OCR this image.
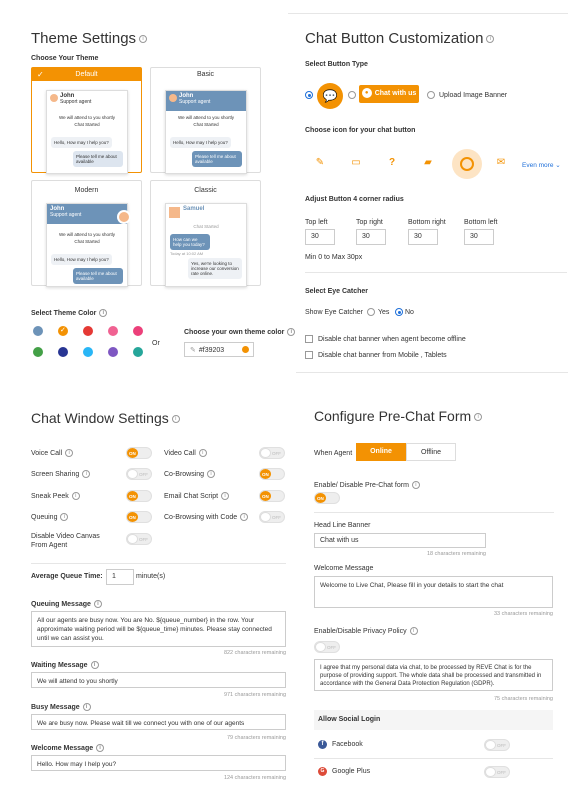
Theme Settings i
Choose Your Theme
✓	Default
John
Support agent
We will attend to you shortly
Chat Started
Hello, How may I help you?
Please tell me about available
Basic
John
Support agent
We will attend to you shortly
Chat Started
Hello, How may I help you?
Please tell me about available
Modern
John
Support agent
We will attend to you shortly
Chat Started
Hello, How may I help you?
Please tell me about available
Classic
Samuel
Chat Started
How can we help you today?
Today at 10:02 AM
Yes, we're looking to increase our conversion rate online.
Select Theme Color i
✓
Or
Choose your own theme color i
✎ #f39203
Chat Button Customization i
Select Button Type
💬	● Chat with us	Upload Image Banner
Choose icon for your chat button
✎	▭	?	▰	✉	Even more ⌄
Adjust Button 4 corner radius
Top left	Top right	Bottom right	Bottom left
30	30	30	30
Min 0 to Max 30px
Select Eye Catcher
Show Eye Catcher Yes No
Disable chat banner when agent become offline
Disable chat banner from Mobile , Tablets
Chat Window Settings i
Voice Call i	ON	Video Call i	OFF
Screen Sharing i	OFF Co-Browsing i	ON
Sneak Peek i	ON	Email Chat Script i	ON
Queuing i	ON	Co-Browsing with Code i	OFF
Disable Video Canvas From Agent
OFF
Average Queue Time:	1	minute(s)
Queuing Message i
All our agents are busy now. You are No. ${queue_number} in the row. Your approximate waiting period will be ${queue_time} minutes. Please stay connected until we can assist you.
822 characters remaining
Waiting Message i
We will attend to you shortly
971 characters remaining
Busy Message i
We are busy now. Please wait till we connect you with one of our agents
79 characters remaining
Welcome Message i
Hello. How may I help you?
124 characters remaining
Configure Pre-Chat Form i
When Agent	Online	Offline
Enable/ Disable Pre-Chat form i
ON
Head Line Banner
Chat with us
18 characters remaining
Welcome Message
Welcome to Live Chat, Please fill in your details to start the chat
33 characters remaining
Enable/Disable Privacy Policy i
OFF
I agree that my personal data via chat, to be processed by REVE Chat is for the purpose of providing support. The whole data shall be processed and transmitted in accordance with the General Data Protection Regulation (GDPR).
75 characters remaining
Allow Social Login
f	Facebook	OFF
G	Google Plus	OFF
